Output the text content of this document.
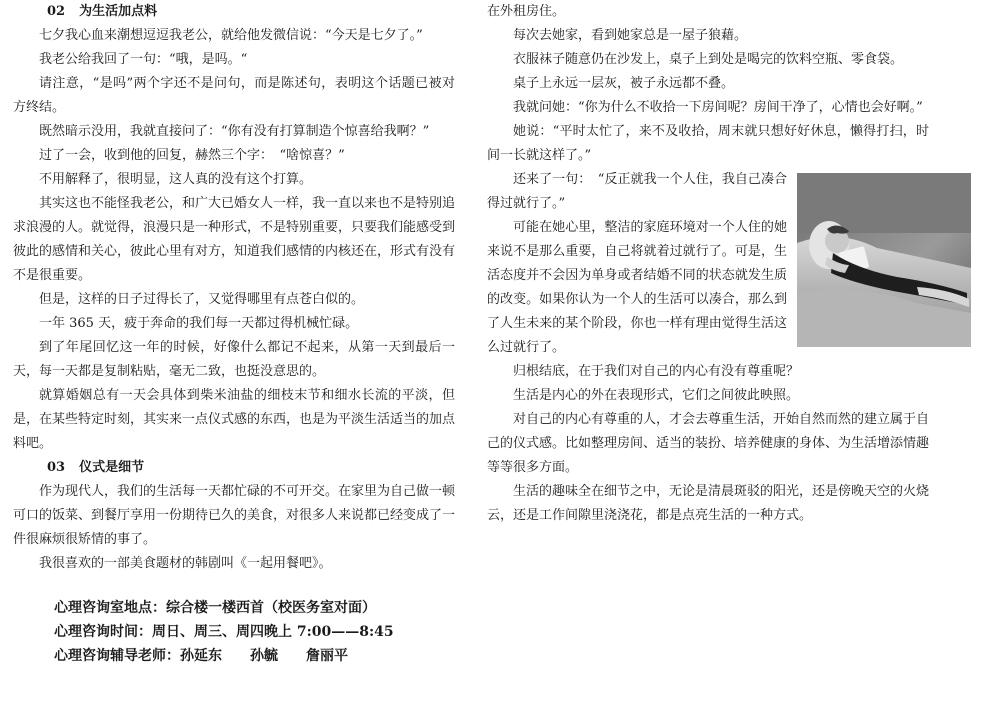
02 为生活加点料

七夕我心血来潮想逗逗我老公，就给他发微信说：“今天是七夕了。”

我老公给我回了一句：“哦，是吗。“

请注意，“是吗”两个字还不是问句，而是陈述句，表明这个话题已被对方终结。

既然暗示没用，我就直接问了：“你有没有打算制造个惊喜给我啊？”

过了一会，收到他的回复，赫然三个字：　“啥惊喜？”

不用解释了，很明显，这人真的没有这个打算。

其实这也不能怪我老公，和广大已婚女人一样，我一直以来也不是特别追求浪漫的人。就觉得，浪漫只是一种形式，不是特别重要，只要我们能感受到彼此的感情和关心，彼此心里有对方，知道我们感情的内核还在，形式有没有不是很重要。

但是，这样的日子过得长了，又觉得哪里有点苍白似的。

一年 365 天，疲于奔命的我们每一天都过得机械忙碌。

到了年尾回忆这一年的时候，好像什么都记不起来，从第一天到最后一天，每一天都是复制粘贴，毫无二致，也挺没意思的。

就算婚姻总有一天会具体到柴米油盐的细枝末节和细水长流的平淡，但是，在某些特定时刻，其实来一点仪式感的东西，也是为平淡生活适当的加点料吧。

03 仪式是细节

作为现代人，我们的生活每一天都忙碌的不可开交。在家里为自己做一顿可口的饭菜、到餐厅享用一份期待已久的美食，对很多人来说都已经变成了一件很麻烦很矫情的事了。

我很喜欢的一部美食题材的韩剧叫《一起用餐吧》。

心理咨询室地点：综合楼一楼西首（校医务室对面）
心理咨询时间：周日、周三、周四晚上 7:00——8:45
心理咨询辅导老师：孙延东　　孙毓　　詹丽平

在外租房住。

每次去她家，看到她家总是一屋子狼藉。

衣服袜子随意仍在沙发上，桌子上到处是喝完的饮料空瓶、零食袋。

桌子上永远一层灰，被子永远都不叠。

我就问她：“你为什么不收拾一下房间呢？房间干净了，心情也会好啊。”

她说：“平时太忙了，来不及收拾，周末就只想好好休息，懒得打扫，时间一长就这样了。”

还来了一句：　“反正就我一个人住，我自己凑合得过就行了。”

可能在她心里，整洁的家庭环境对一个人住的她来说不是那么重要，自己将就着过就行了。可是，生活态度并不会因为单身或者结婚不同的状态就发生质的改变。如果你认为一个人的生活可以凑合，那么到了人生未来的某个阶段，你也一样有理由觉得生活这么过就行了。

归根结底，在于我们对自己的内心有没有尊重呢？

生活是内心的外在表现形式，它们之间彼此映照。

对自己的内心有尊重的人，才会去尊重生活，开始自然而然的建立属于自己的仪式感。比如整理房间、适当的装扮、培养健康的身体、为生活增添情趣等等很多方面。

生活的趣味全在细节之中，无论是清晨斑驳的阳光，还是傍晚天空的火烧云，还是工作间隙里浇浇花，都是点亮生活的一种方式。
